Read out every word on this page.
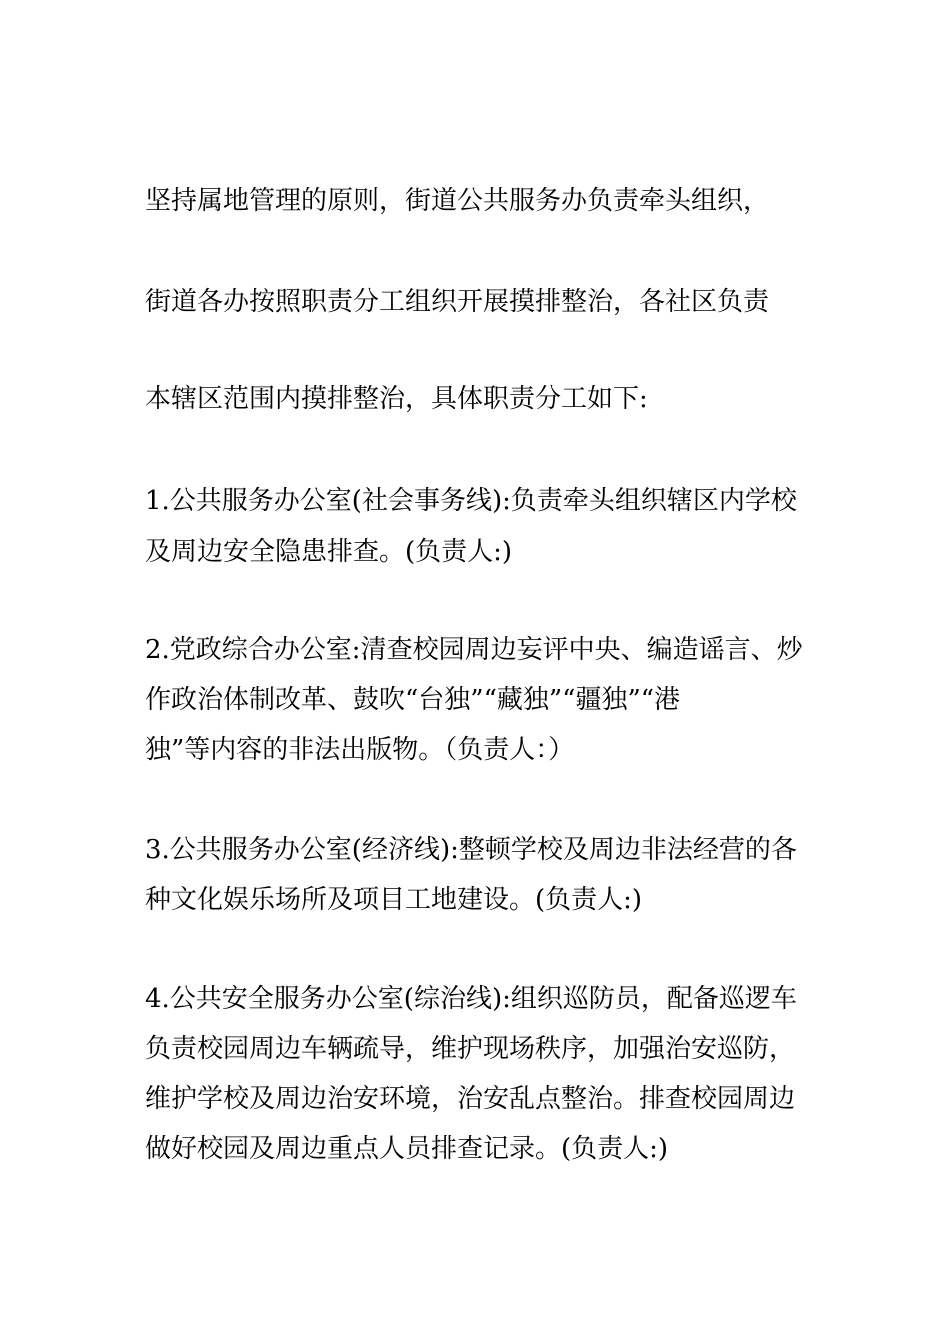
坚持属地管理的原则，街道公共服务办负责牵头组织，
街道各办按照职责分工组织开展摸排整治，各社区负责
本辖区范围内摸排整治，具体职责分工如下:
1.公共服务办公室(社会事务线):负责牵头组织辖区内学校
及周边安全隐患排查。(负责人:)
2.党政综合办公室:清查校园周边妄评中央、编造谣言、炒
作政治体制改革、鼓吹“台独”“藏独”“疆独”“港
独”等内容的非法出版物。（负责人：）
3.公共服务办公室(经济线):整顿学校及周边非法经营的各
种文化娱乐场所及项目工地建设。(负责人:)
4.公共安全服务办公室(综治线):组织巡防员，配备巡逻车
负责校园周边车辆疏导，维护现场秩序，加强治安巡防，
维护学校及周边治安环境，治安乱点整治。排查校园周边
做好校园及周边重点人员排查记录。(负责人:)
